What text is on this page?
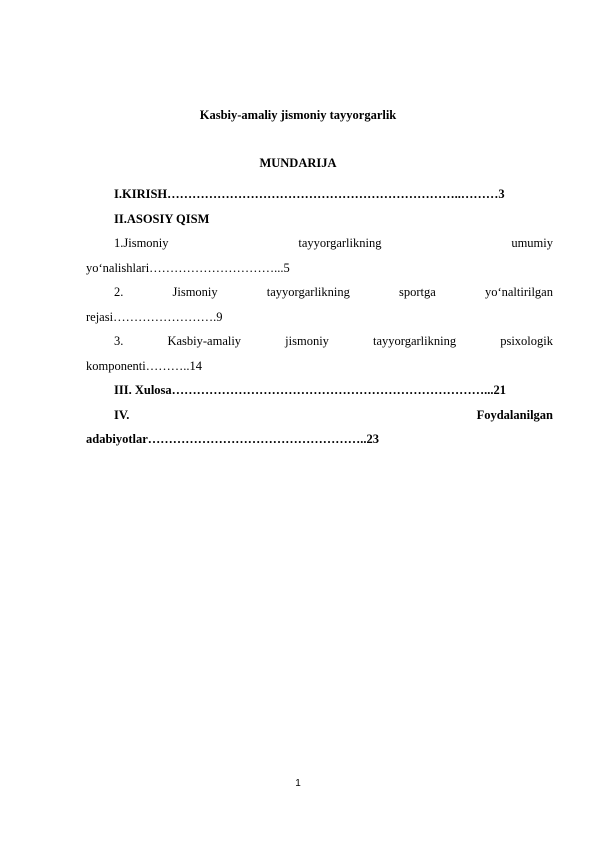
Kasbiy-amaliy jismoniy tayyorgarlik
MUNDARIJA
I.KIRISH……………………………………………………………..………3
II.ASOSIY QISM
1.Jismoniy	tayyorgarlikning	umumiy
yo‘nalishlari…………………………...5
2.	Jismoniy	tayyorgarlikning	sportga	yo‘naltirilgan
rejasi…………………….9
3.	Kasbiy-amaliy	jismoniy	tayyorgarlikning	psixologik
komponenti………..14
III. Xulosa…………………………………………………………………...21
IV.	Foydalanilgan
adabiyotlar……………………………………………..23
1
